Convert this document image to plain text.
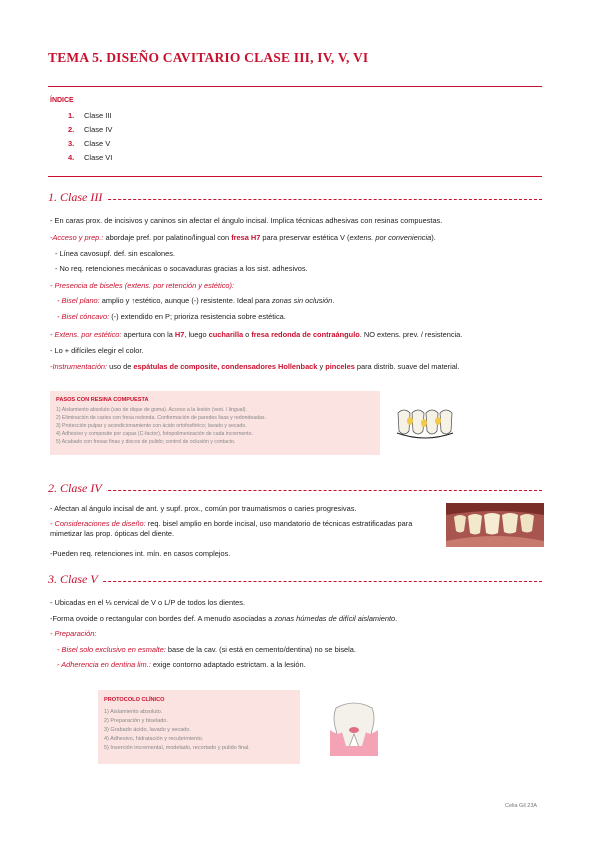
TEMA 5. DISEÑO CAVITARIO CLASE III, IV, V, VI
ÍNDICE
1. Clase III
2. Clase IV
3. Clase V
4. Clase VI
1. Clase III
- En caras prox. de incisivos y caninos sin afectar el ángulo incisal. Implica técnicas adhesivas con resinas compuestas.
-Acceso y prep.: abordaje pref. por palatino/lingual con fresa H7 para preservar estética V (extens. por conveniencia).
- Línea cavosupf. def. sin escalones.
- No req. retenciones mecánicas o socavaduras gracias a los sist. adhesivos.
- Presencia de biseles (extens. por retención y estético):
- Bisel plano: amplio y ↑estético, aunque (-) resistente. Ideal para zonas sin oclusión.
- Bisel cóncavo: (-) extendido en P; prioriza resistencia sobre estética.
- Extens. por estético: apertura con la H7, luego cucharilla o fresa redonda de contraángulo. NO extens. prev. / resistencia.
- Lo + difíciles elegir el color.
-Instrumentación: uso de espátulas de composite, condensadores Hollenback y pinceles para distrib. suave del material.
PASOS CON RESINA COMPUESTA
1) Aislamiento absoluto (uso de dique de goma). Acceso a la lesión (vest. / lingual).
2) Eliminación de caries con fresa redonda. Conformación de paredes lisas y redondeadas.
3) Protección pulpar y acondicionamiento con ácido ortofosfórico; lavado y secado.
4) Adhesivo y composite por capas (C-factor), fotopolimerización de cada incremento.
5) Acabado con fresas finas y discos de pulido; control de oclusión y contacto.
2. Clase IV
- Afectan al ángulo incisal de ant. y supf. prox., común por traumatismos o caries progresivas.
- Consideraciones de diseño: req. bisel amplio en borde incisal, uso mandatorio de técnicas estratificadas para mimetizar las prop. ópticas del diente.
-Pueden req. retenciones int. mín. en casos complejos.
3. Clase V
- Ubicadas en el ⅓ cervical de V o L/P de todos los dientes.
-Forma ovoide o rectangular con bordes def. A menudo asociadas a zonas húmedas de difícil aislamiento.
- Preparación:
- Bisel solo exclusivo en esmalte: base de la cav. (si está en cemento/dentina) no se bisela.
- Adherencia en dentina lim.: exige contorno adaptado estrictam. a la lesión.
PROTOCOLO CLÍNICO
1) Aislamiento absoluto.
2) Preparación y biselado.
3) Grabado ácido, lavado y secado.
4) Adhesivo, hidratación y recubrimiento.
5) Inserción incremental, modelado, recortado y pulido final.
Celia Gil 23A
